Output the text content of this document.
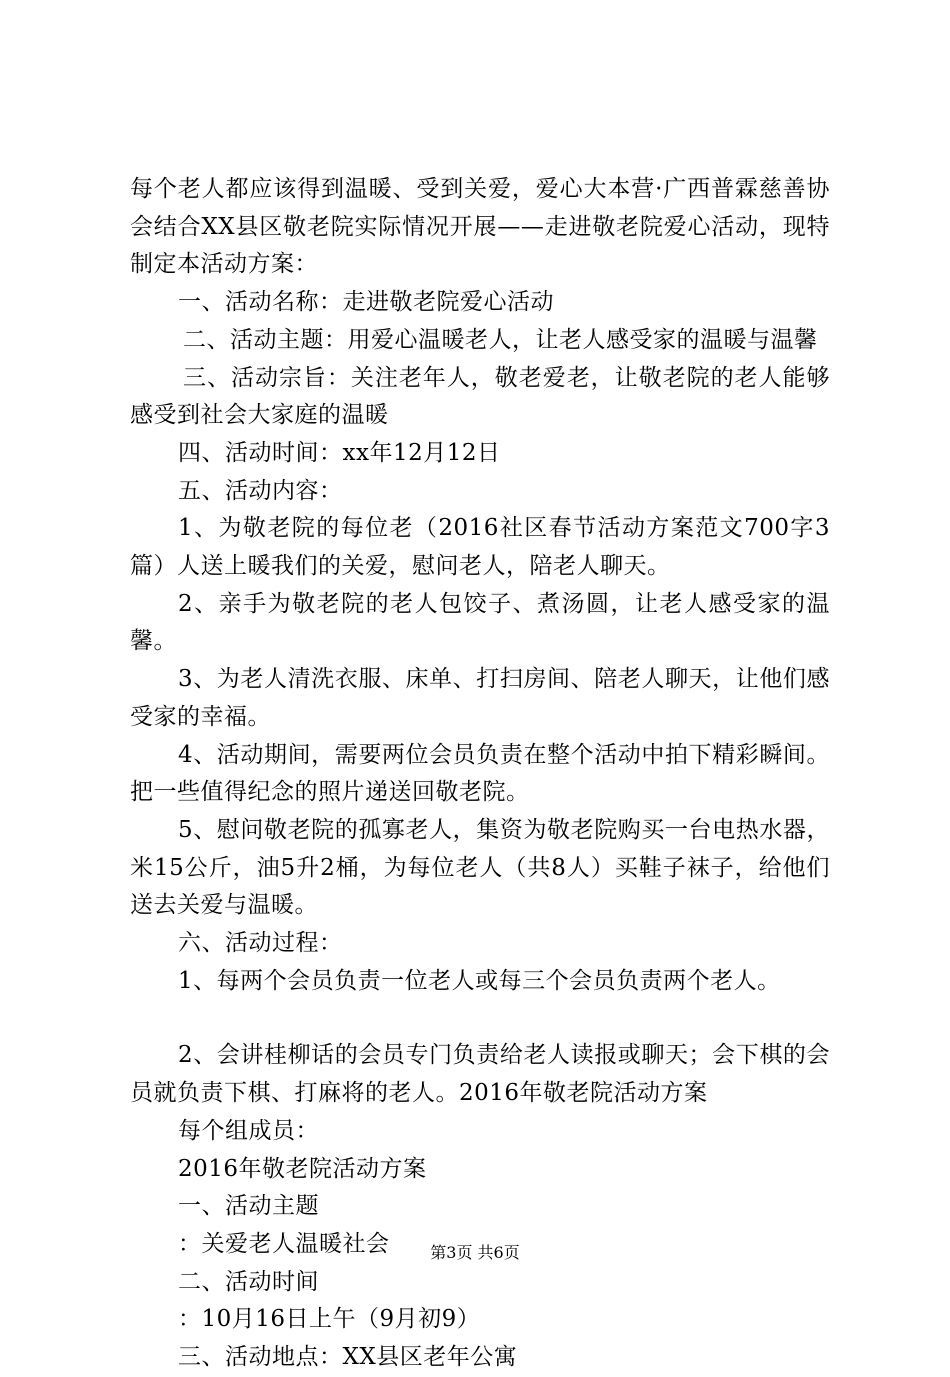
每个老人都应该得到温暖、受到关爱，爱心大本营·广西普霖慈善协会结合XX县区敬老院实际情况开展——走进敬老院爱心活动，现特制定本活动方案：

一、活动名称：走进敬老院爱心活动

二、活动主题：用爱心温暖老人，让老人感受家的温暖与温馨

三、活动宗旨：关注老年人，敬老爱老，让敬老院的老人能够感受到社会大家庭的温暖

四、活动时间：xx年12月12日

五、活动内容：

1、为敬老院的每位老（2016社区春节活动方案范文700字3篇）人送上暖我们的关爱，慰问老人，陪老人聊天。

2、亲手为敬老院的老人包饺子、煮汤圆，让老人感受家的温馨。

3、为老人清洗衣服、床单、打扫房间、陪老人聊天，让他们感受家的幸福。

4、活动期间，需要两位会员负责在整个活动中拍下精彩瞬间。把一些值得纪念的照片递送回敬老院。

5、慰问敬老院的孤寡老人，集资为敬老院购买一台电热水器，米15公斤，油5升2桶，为每位老人（共8人）买鞋子袜子，给他们送去关爱与温暖。

六、活动过程：

1、每两个会员负责一位老人或每三个会员负责两个老人。

2、会讲桂柳话的会员专门负责给老人读报或聊天；会下棋的会员就负责下棋、打麻将的老人。2016年敬老院活动方案

每个组成员：

2016年敬老院活动方案

一、活动主题

：关爱老人温暖社会

二、活动时间

：10月16日上午（9月初9）

三、活动地点：XX县区老年公寓

第3页 共6页
